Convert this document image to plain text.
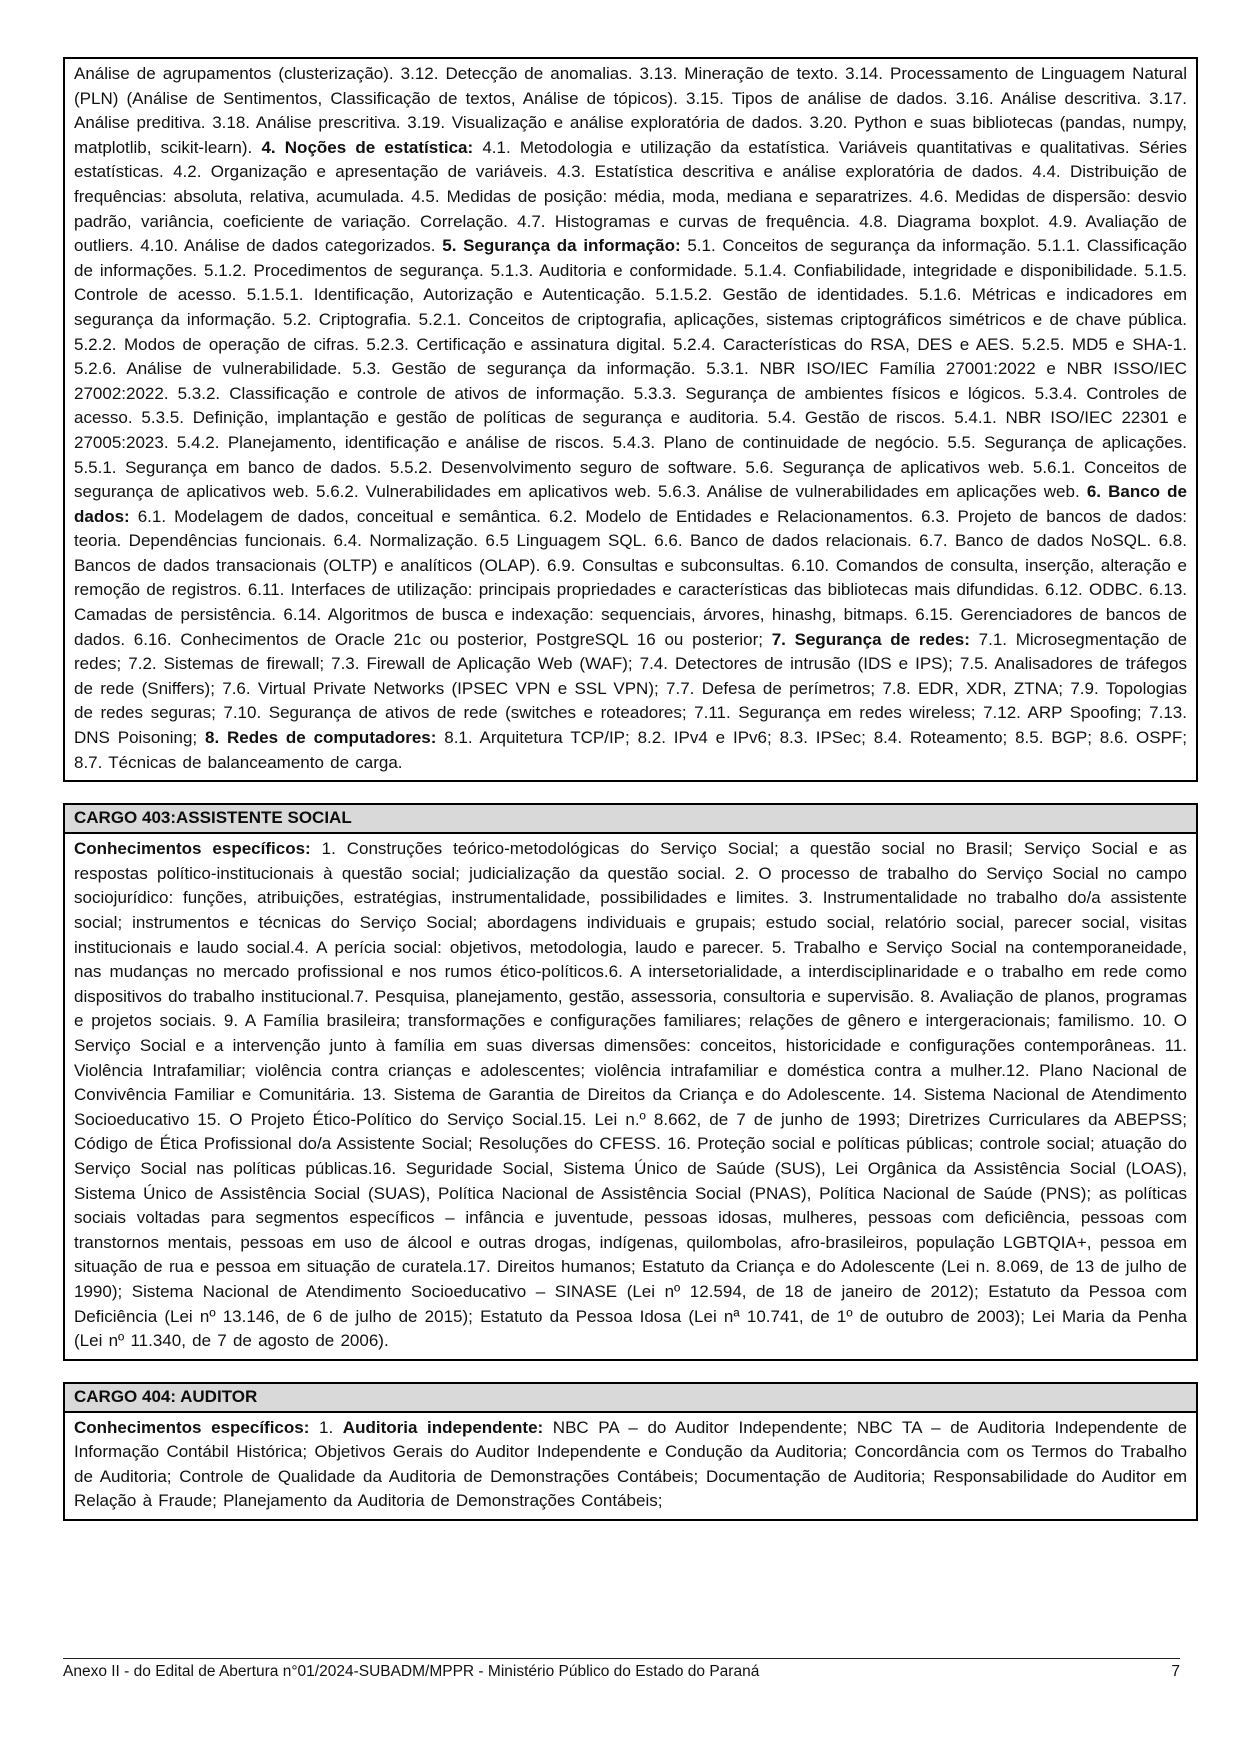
Análise de agrupamentos (clusterização). 3.12. Detecção de anomalias. 3.13. Mineração de texto. 3.14. Processamento de Linguagem Natural (PLN) (Análise de Sentimentos, Classificação de textos, Análise de tópicos). 3.15. Tipos de análise de dados. 3.16. Análise descritiva. 3.17. Análise preditiva. 3.18. Análise prescritiva. 3.19. Visualização e análise exploratória de dados. 3.20. Python e suas bibliotecas (pandas, numpy, matplotlib, scikit-learn). 4. Noções de estatística: 4.1. Metodologia e utilização da estatística. Variáveis quantitativas e qualitativas. Séries estatísticas. 4.2. Organização e apresentação de variáveis. 4.3. Estatística descritiva e análise exploratória de dados. 4.4. Distribuição de frequências: absoluta, relativa, acumulada. 4.5. Medidas de posição: média, moda, mediana e separatrizes. 4.6. Medidas de dispersão: desvio padrão, variância, coeficiente de variação. Correlação. 4.7. Histogramas e curvas de frequência. 4.8. Diagrama boxplot. 4.9. Avaliação de outliers. 4.10. Análise de dados categorizados. 5. Segurança da informação: 5.1. Conceitos de segurança da informação. 5.1.1. Classificação de informações. 5.1.2. Procedimentos de segurança. 5.1.3. Auditoria e conformidade. 5.1.4. Confiabilidade, integridade e disponibilidade. 5.1.5. Controle de acesso. 5.1.5.1. Identificação, Autorização e Autenticação. 5.1.5.2. Gestão de identidades. 5.1.6. Métricas e indicadores em segurança da informação. 5.2. Criptografia. 5.2.1. Conceitos de criptografia, aplicações, sistemas criptográficos simétricos e de chave pública. 5.2.2. Modos de operação de cifras. 5.2.3. Certificação e assinatura digital. 5.2.4. Características do RSA, DES e AES. 5.2.5. MD5 e SHA-1. 5.2.6. Análise de vulnerabilidade. 5.3. Gestão de segurança da informação. 5.3.1. NBR ISO/IEC Família 27001:2022 e NBR ISSO/IEC 27002:2022. 5.3.2. Classificação e controle de ativos de informação. 5.3.3. Segurança de ambientes físicos e lógicos. 5.3.4. Controles de acesso. 5.3.5. Definição, implantação e gestão de políticas de segurança e auditoria. 5.4. Gestão de riscos. 5.4.1. NBR ISO/IEC 22301 e 27005:2023. 5.4.2. Planejamento, identificação e análise de riscos. 5.4.3. Plano de continuidade de negócio. 5.5. Segurança de aplicações. 5.5.1. Segurança em banco de dados. 5.5.2. Desenvolvimento seguro de software. 5.6. Segurança de aplicativos web. 5.6.1. Conceitos de segurança de aplicativos web. 5.6.2. Vulnerabilidades em aplicativos web. 5.6.3. Análise de vulnerabilidades em aplicações web. 6. Banco de dados: 6.1. Modelagem de dados, conceitual e semântica. 6.2. Modelo de Entidades e Relacionamentos. 6.3. Projeto de bancos de dados: teoria. Dependências funcionais. 6.4. Normalização. 6.5 Linguagem SQL. 6.6. Banco de dados relacionais. 6.7. Banco de dados NoSQL. 6.8. Bancos de dados transacionais (OLTP) e analíticos (OLAP). 6.9. Consultas e subconsultas. 6.10. Comandos de consulta, inserção, alteração e remoção de registros. 6.11. Interfaces de utilização: principais propriedades e características das bibliotecas mais difundidas. 6.12. ODBC. 6.13. Camadas de persistência. 6.14. Algoritmos de busca e indexação: sequenciais, árvores, hinashg, bitmaps. 6.15. Gerenciadores de bancos de dados. 6.16. Conhecimentos de Oracle 21c ou posterior, PostgreSQL 16 ou posterior; 7. Segurança de redes: 7.1. Microsegmentação de redes; 7.2. Sistemas de firewall; 7.3. Firewall de Aplicação Web (WAF); 7.4. Detectores de intrusão (IDS e IPS); 7.5. Analisadores de tráfegos de rede (Sniffers); 7.6. Virtual Private Networks (IPSEC VPN e SSL VPN); 7.7. Defesa de perímetros; 7.8. EDR, XDR, ZTNA; 7.9. Topologias de redes seguras; 7.10. Segurança de ativos de rede (switches e roteadores; 7.11. Segurança em redes wireless; 7.12. ARP Spoofing; 7.13. DNS Poisoning; 8. Redes de computadores: 8.1. Arquitetura TCP/IP; 8.2. IPv4 e IPv6; 8.3. IPSec; 8.4. Roteamento; 8.5. BGP; 8.6. OSPF; 8.7. Técnicas de balanceamento de carga.

CARGO 403:ASSISTENTE SOCIAL

Conhecimentos específicos: 1. Construções teórico-metodológicas do Serviço Social; a questão social no Brasil; Serviço Social e as respostas político-institucionais à questão social; judicialização da questão social. 2. O processo de trabalho do Serviço Social no campo sociojurídico: funções, atribuições, estratégias, instrumentalidade, possibilidades e limites. 3. Instrumentalidade no trabalho do/a assistente social; instrumentos e técnicas do Serviço Social; abordagens individuais e grupais; estudo social, relatório social, parecer social, visitas institucionais e laudo social.4. A perícia social: objetivos, metodologia, laudo e parecer. 5. Trabalho e Serviço Social na contemporaneidade, nas mudanças no mercado profissional e nos rumos ético-políticos.6. A intersetorialidade, a interdisciplinaridade e o trabalho em rede como dispositivos do trabalho institucional.7. Pesquisa, planejamento, gestão, assessoria, consultoria e supervisão. 8. Avaliação de planos, programas e projetos sociais. 9. A Família brasileira; transformações e configurações familiares; relações de gênero e intergeracionais; familismo. 10. O Serviço Social e a intervenção junto à família em suas diversas dimensões: conceitos, historicidade e configurações contemporâneas. 11. Violência Intrafamiliar; violência contra crianças e adolescentes; violência intrafamiliar e doméstica contra a mulher.12. Plano Nacional de Convivência Familiar e Comunitária. 13. Sistema de Garantia de Direitos da Criança e do Adolescente. 14. Sistema Nacional de Atendimento Socioeducativo 15. O Projeto Ético-Político do Serviço Social.15. Lei n.º 8.662, de 7 de junho de 1993; Diretrizes Curriculares da ABEPSS; Código de Ética Profissional do/a Assistente Social; Resoluções do CFESS. 16. Proteção social e políticas públicas; controle social; atuação do Serviço Social nas políticas públicas.16. Seguridade Social, Sistema Único de Saúde (SUS), Lei Orgânica da Assistência Social (LOAS), Sistema Único de Assistência Social (SUAS), Política Nacional de Assistência Social (PNAS), Política Nacional de Saúde (PNS); as políticas sociais voltadas para segmentos específicos – infância e juventude, pessoas idosas, mulheres, pessoas com deficiência, pessoas com transtornos mentais, pessoas em uso de álcool e outras drogas, indígenas, quilombolas, afro-brasileiros, população LGBTQIA+, pessoa em situação de rua e pessoa em situação de curatela.17. Direitos humanos; Estatuto da Criança e do Adolescente (Lei n. 8.069, de 13 de julho de 1990); Sistema Nacional de Atendimento Socioeducativo – SINASE (Lei nº 12.594, de 18 de janeiro de 2012); Estatuto da Pessoa com Deficiência (Lei nº 13.146, de 6 de julho de 2015); Estatuto da Pessoa Idosa (Lei nª 10.741, de 1º de outubro de 2003); Lei Maria da Penha (Lei nº 11.340, de 7 de agosto de 2006).

CARGO 404: AUDITOR

Conhecimentos específicos: 1. Auditoria independente: NBC PA – do Auditor Independente; NBC TA – de Auditoria Independente de Informação Contábil Histórica; Objetivos Gerais do Auditor Independente e Condução da Auditoria; Concordância com os Termos do Trabalho de Auditoria; Controle de Qualidade da Auditoria de Demonstrações Contábeis; Documentação de Auditoria; Responsabilidade do Auditor em Relação à Fraude; Planejamento da Auditoria de Demonstrações Contábeis;

Anexo II - do Edital de Abertura n°01/2024-SUBADM/MPPR - Ministério Público do Estado do Paraná	7
